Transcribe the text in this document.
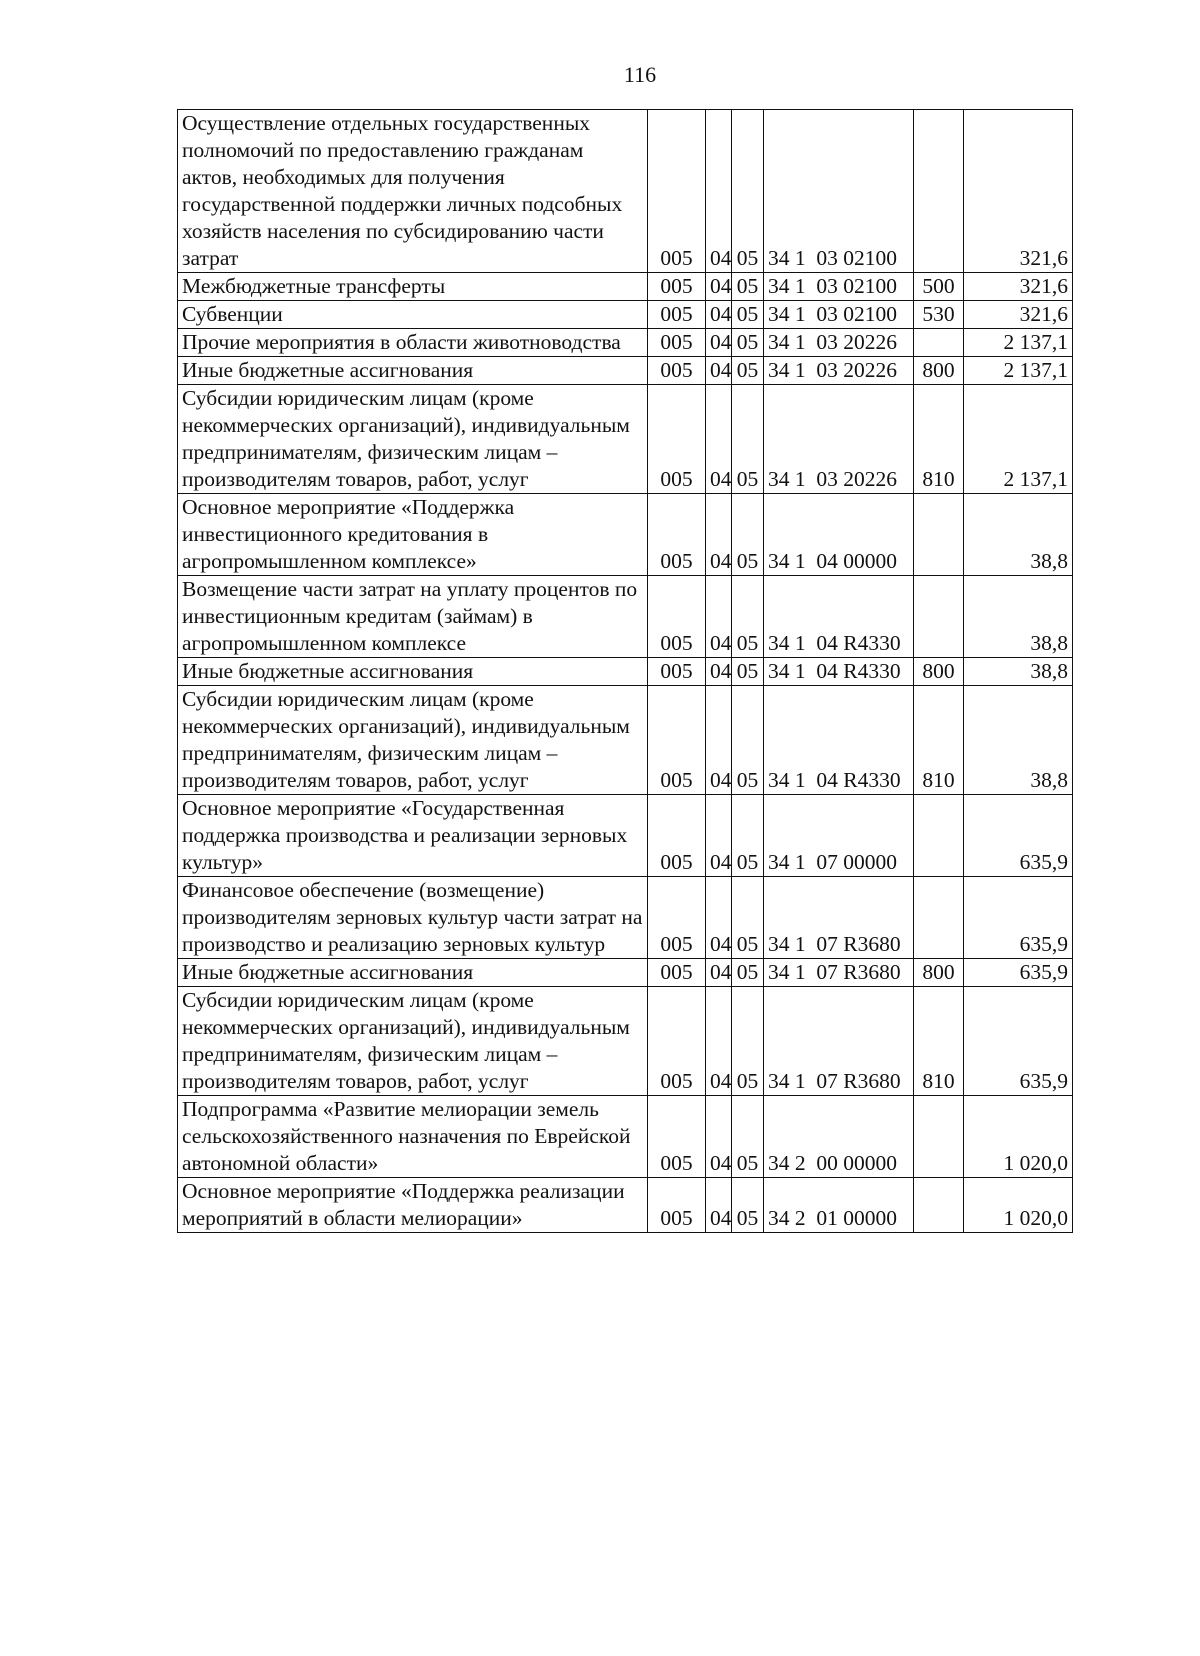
116
Осуществление отдельных государственных полномочий по предоставлению гражданам актов, необходимых для получения государственной поддержки личных подсобных хозяйств населения по субсидированию части затрат	005	04	05	34 1  03 02100		321,6
Межбюджетные трансферты	005	04	05	34 1  03 02100	500	321,6
Субвенции	005	04	05	34 1  03 02100	530	321,6
Прочие мероприятия в области животноводства	005	04	05	34 1  03 20226		2 137,1
Иные бюджетные ассигнования	005	04	05	34 1  03 20226	800	2 137,1
Субсидии юридическим лицам (кроме некоммерческих организаций), индивидуальным предпринимателям, физическим лицам – производителям товаров, работ, услуг	005	04	05	34 1  03 20226	810	2 137,1
Основное мероприятие «Поддержка инвестиционного кредитования в агропромышленном комплексе»	005	04	05	34 1  04 00000		38,8
Возмещение части затрат на уплату процентов по инвестиционным кредитам (займам) в агропромышленном комплексе	005	04	05	34 1  04 R4330		38,8
Иные бюджетные ассигнования	005	04	05	34 1  04 R4330	800	38,8
Субсидии юридическим лицам (кроме некоммерческих организаций), индивидуальным предпринимателям, физическим лицам – производителям товаров, работ, услуг	005	04	05	34 1  04 R4330	810	38,8
Основное мероприятие «Государственная поддержка производства и реализации зерновых культур»	005	04	05	34 1  07 00000		635,9
Финансовое обеспечение (возмещение) производителям зерновых культур части затрат на производство и реализацию зерновых культур	005	04	05	34 1  07 R3680		635,9
Иные бюджетные ассигнования	005	04	05	34 1  07 R3680	800	635,9
Субсидии юридическим лицам (кроме некоммерческих организаций), индивидуальным предпринимателям, физическим лицам – производителям товаров, работ, услуг	005	04	05	34 1  07 R3680	810	635,9
Подпрограмма «Развитие мелиорации земель сельскохозяйственного назначения по Еврейской автономной области»	005	04	05	34 2  00 00000		1 020,0
Основное мероприятие «Поддержка реализации мероприятий в области мелиорации»	005	04	05	34 2  01 00000		1 020,0
